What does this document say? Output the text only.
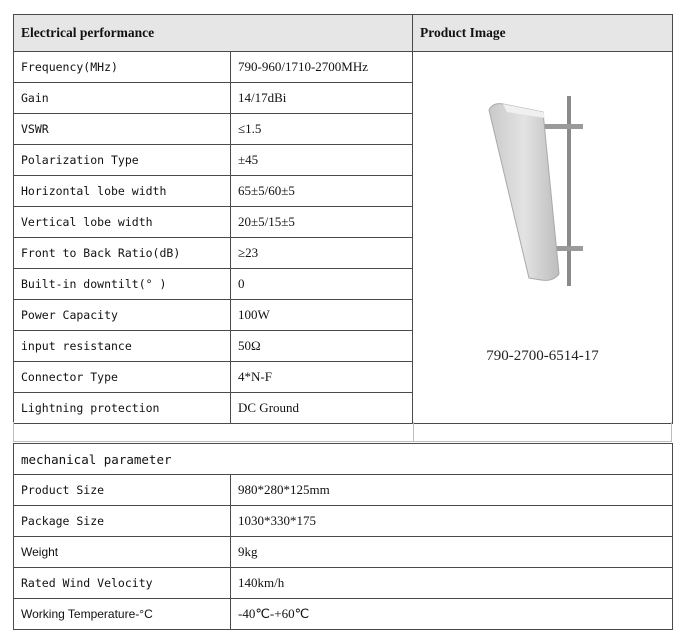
Electrical performance		Product Image
Frequency(MHz)	790-960/1710-2700MHz	790-2700-6514-17

Gain	14/17dBi	
VSWR	≤1.5	
Polarization Type	±45	
Horizontal lobe width	65±5/60±5	
Vertical lobe width	20±5/15±5	
Front to Back Ratio(dB)	≥23	
Built-in downtilt(° )	0	
Power Capacity	100W	
input resistance	50Ω	
Connector Type	4*N-F	
Lightning protection	DC Ground	
mechanical parameter	
Product Size	980*280*125mm
Package Size	1030*330*175
Weight	9kg
Rated Wind Velocity	140km/h
Working Temperature-°C	-40℃-+60℃
